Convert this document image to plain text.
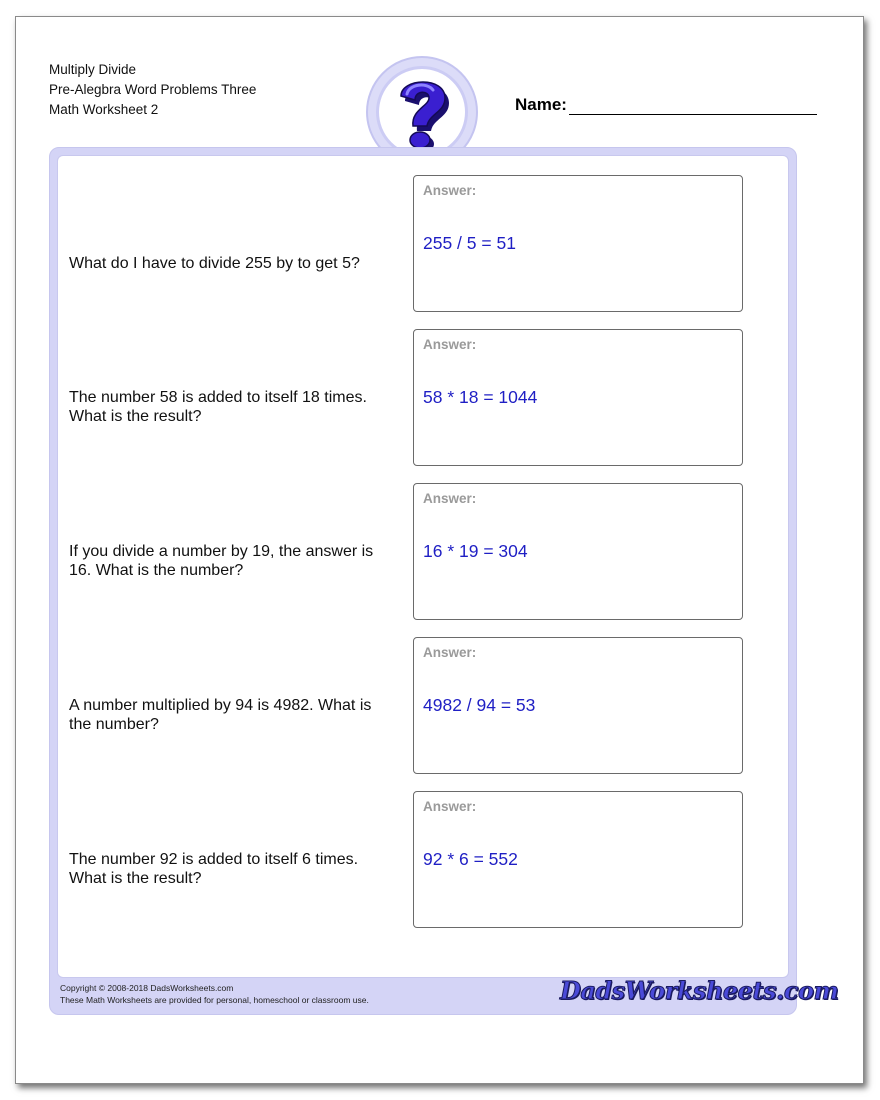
Multiply Divide
Pre-Alegbra Word Problems Three
Math Worksheet 2	Name:
What do I have to divide 255 by to get 5?
Answer:
255 / 5 = 51
The number 58 is added to itself 18 times. What is the result?
Answer:
58 * 18 = 1044
If you divide a number by 19, the answer is 16. What is the number?
Answer:
16 * 19 = 304
A number multiplied by 94 is 4982. What is the number?
Answer:
4982 / 94 = 53
The number 92 is added to itself 6 times. What is the result?
Answer:
92 * 6 = 552
Copyright © 2008-2018 DadsWorksheets.com
These Math Worksheets are provided for personal, homeschool or classroom use.	DadsWorksheets.com
